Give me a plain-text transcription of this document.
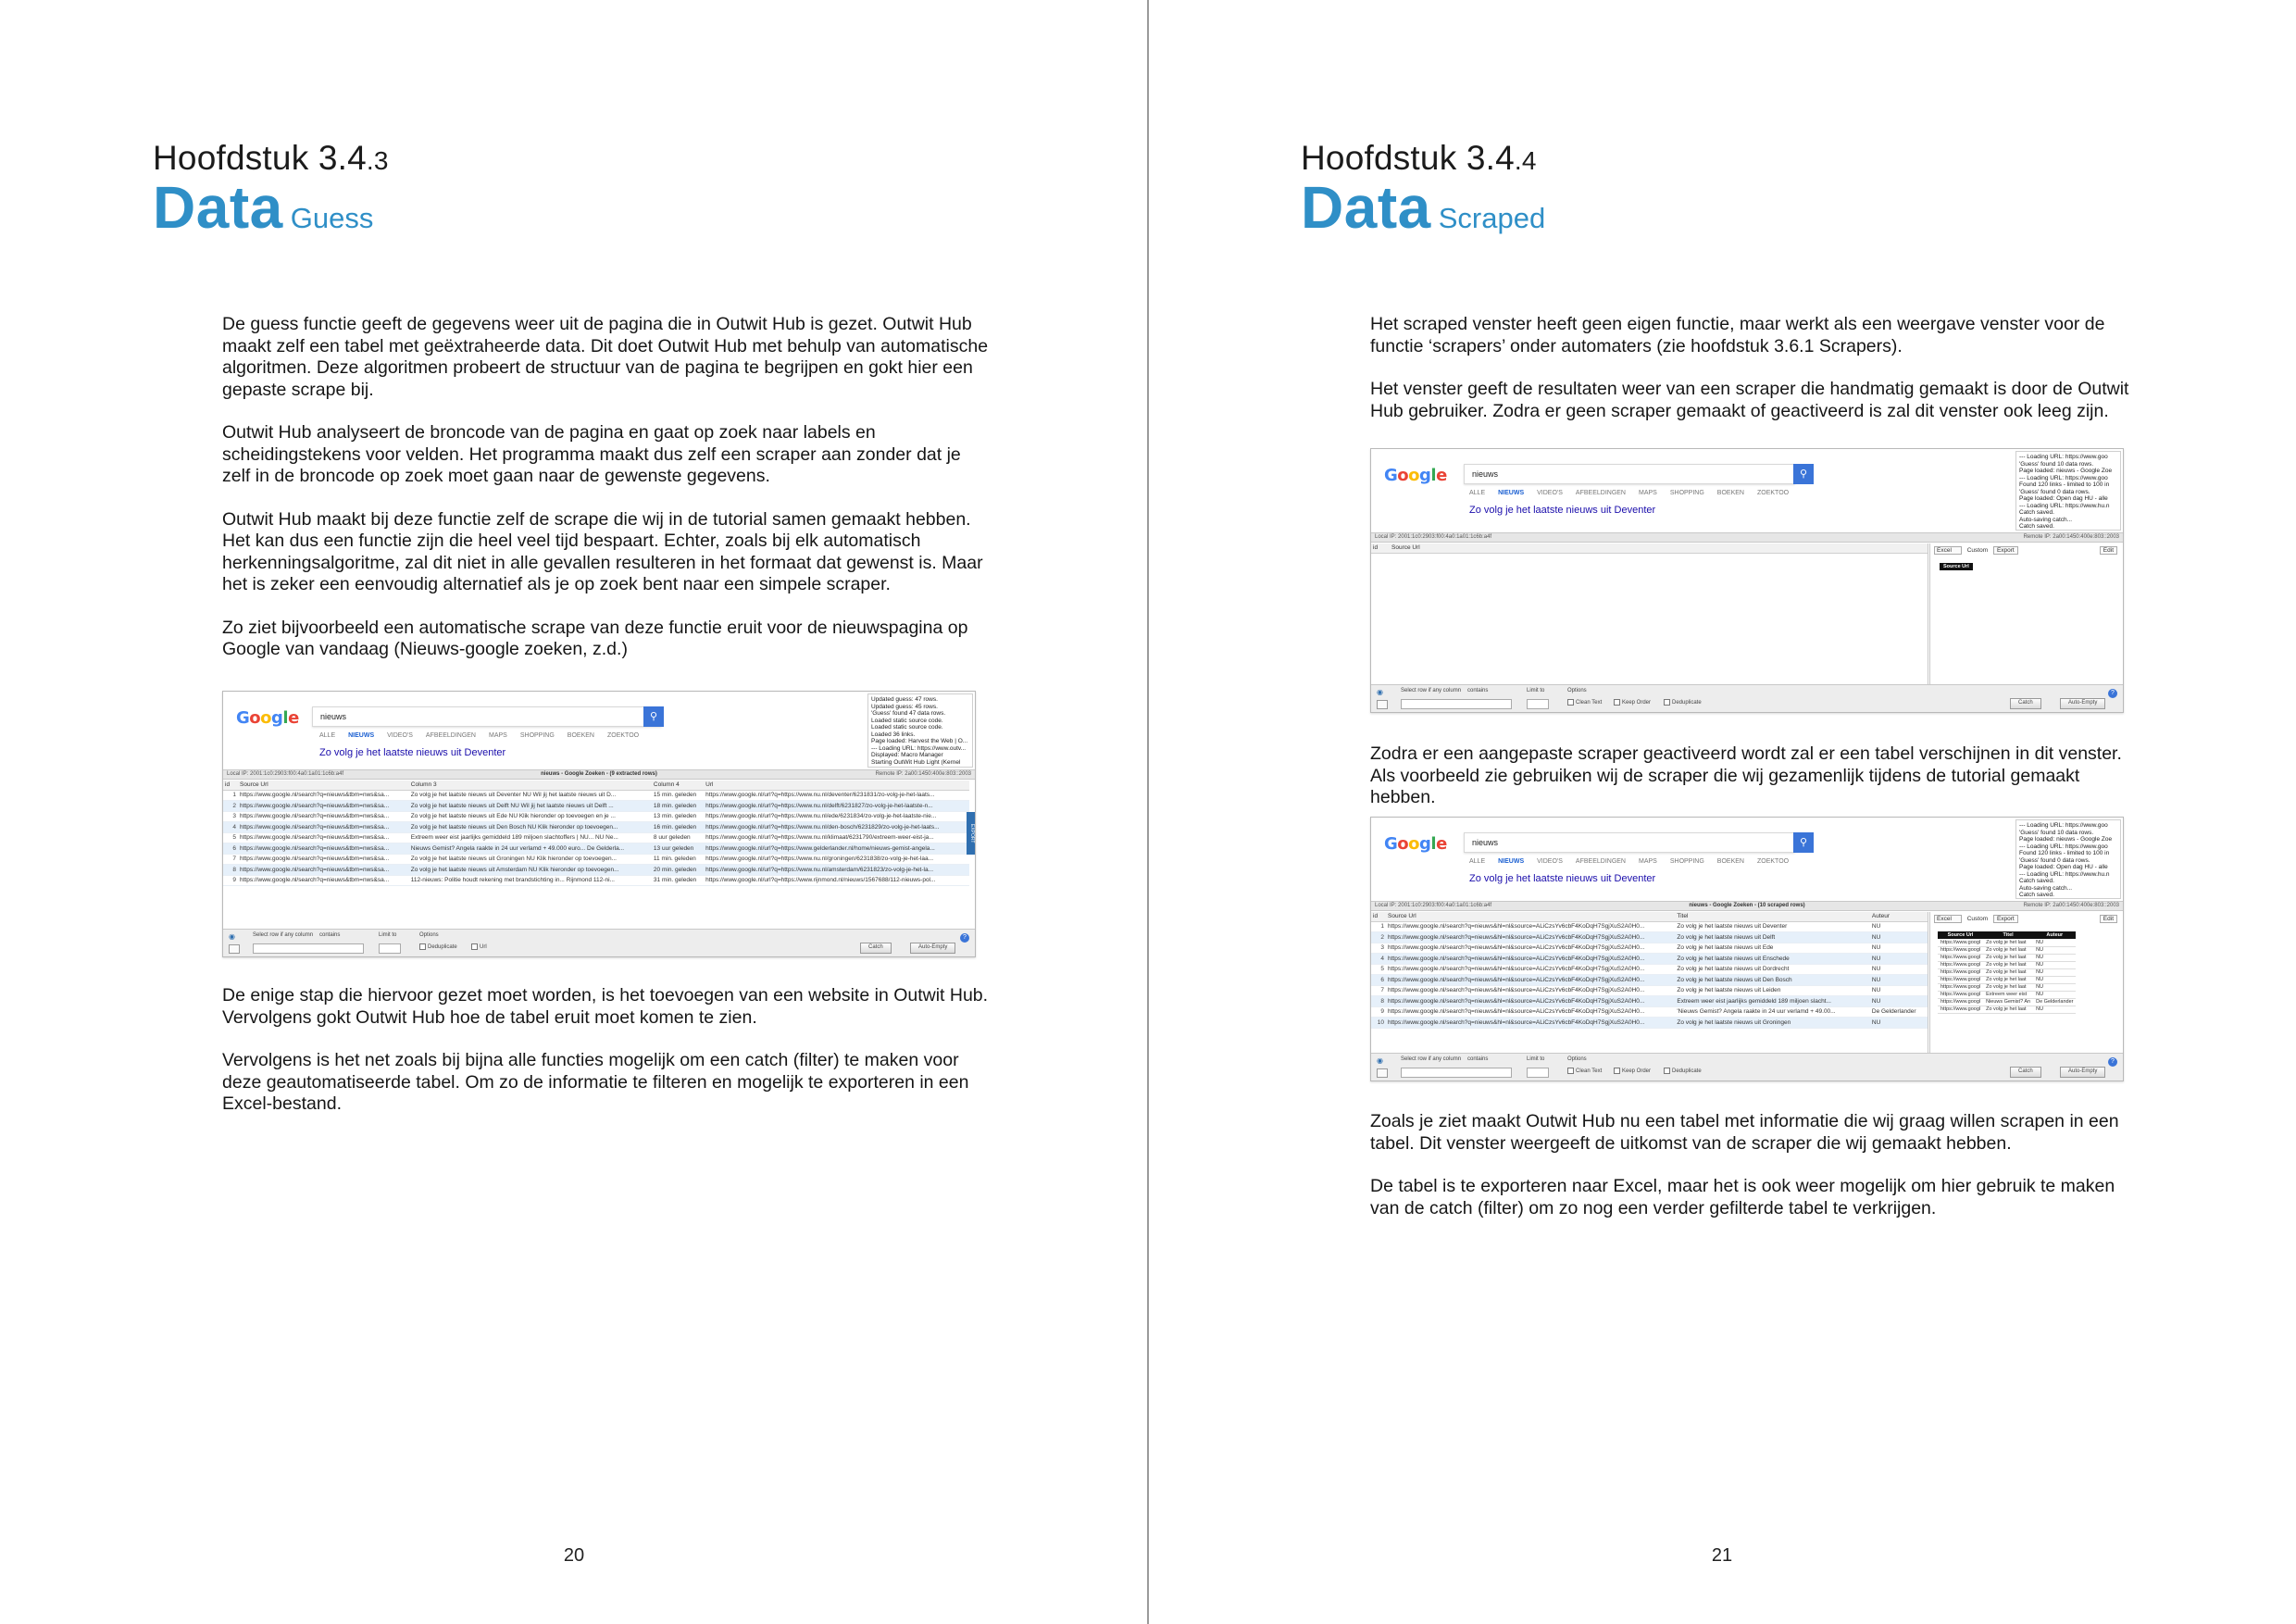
Hoofdstuk 3.4.3
Data Guess

De guess functie geeft de gegevens weer uit de pagina die in Outwit Hub is gezet. Outwit Hub maakt zelf een tabel met geëxtraheerde data. Dit doet Outwit Hub met behulp van automatische algoritmen. Deze algoritmen probeert de structuur van de pagina te begrijpen en gokt hier een gepaste scrape bij.

Outwit Hub analyseert de broncode van de pagina en gaat op zoek naar labels en scheidingstekens voor velden. Het programma maakt dus zelf een scraper aan zonder dat je zelf in de broncode op zoek moet gaan naar de gewenste gegevens.

Outwit Hub maakt bij deze functie zelf de scrape die wij in de tutorial samen gemaakt hebben. Het kan dus een functie zijn die heel veel tijd bespaart. Echter, zoals bij elk automatisch herkenningsalgoritme, zal dit niet in alle gevallen resulteren in het formaat dat gewenst is. Maar het is zeker een eenvoudig alternatief als je op zoek bent naar een simpele scraper.

Zo ziet bijvoorbeeld een automatische scrape van deze functie eruit voor de nieuwspagina op Google van vandaag (Nieuws-google zoeken, z.d.)

Google	nieuws	⚲
ALLE NIEUWS VIDEO'S AFBEELDINGEN MAPS SHOPPING BOEKEN ZOEKTOO
Zo volg je het laatste nieuws uit Deventer
Updated guess: 47 rows.
Updated guess: 45 rows.
'Guess' found 47 data rows.
Loaded static source code.
Loaded static source code.
Loaded 36 links.
Page loaded: Harvest the Web | O...
--- Loading URL: https://www.outv...
Displayed: Macro Manager
Starting OutWit Hub Light (Kernel
Local IP: 2001:1c0:2903:f00:4a0:1a01:1c6b:a4f	nieuws - Google Zoeken - (9 extracted rows)	Remote IP: 2a00:1450:400e:803::2003
id	Source Url	Column 3	Column 4	Url
1	https://www.google.nl/search?q=nieuws&tbm=nws&sa...	Zo volg je het laatste nieuws uit Deventer NU Wil jij het laatste nieuws uit D...	15 min. geleden	https://www.google.nl/url?q=https://www.nu.nl/deventer/6231831/zo-volg-je-het-laats...
2	https://www.google.nl/search?q=nieuws&tbm=nws&sa...	Zo volg je het laatste nieuws uit Delft NU Wil jij het laatste nieuws uit Delft ...	18 min. geleden	https://www.google.nl/url?q=https://www.nu.nl/delft/6231827/zo-volg-je-het-laatste-n...
3	https://www.google.nl/search?q=nieuws&tbm=nws&sa...	Zo volg je het laatste nieuws uit Ede NU Klik hieronder op toevoegen en je ...	13 min. geleden	https://www.google.nl/url?q=https://www.nu.nl/ede/6231834/zo-volg-je-het-laatste-nie...
4	https://www.google.nl/search?q=nieuws&tbm=nws&sa...	Zo volg je het laatste nieuws uit Den Bosch NU Klik hieronder op toevoegen...	16 min. geleden	https://www.google.nl/url?q=https://www.nu.nl/den-bosch/6231829/zo-volg-je-het-laats...
5	https://www.google.nl/search?q=nieuws&tbm=nws&sa...	Extreem weer eist jaarlijks gemiddeld 189 miljoen slachtoffers | NU... NU Ne...	8 uur geleden	https://www.google.nl/url?q=https://www.nu.nl/klimaat/6231790/extreem-weer-eist-ja...
6	https://www.google.nl/search?q=nieuws&tbm=nws&sa...	Nieuws Gemist? Angela raakte in 24 uur verlamd + 49.000 euro... De Gelderla...	13 uur geleden	https://www.google.nl/url?q=https://www.gelderlander.nl/home/nieuws-gemist-angela...
7	https://www.google.nl/search?q=nieuws&tbm=nws&sa...	Zo volg je het laatste nieuws uit Groningen NU Klik hieronder op toevoegen...	11 min. geleden	https://www.google.nl/url?q=https://www.nu.nl/groningen/6231838/zo-volg-je-het-laa...
8	https://www.google.nl/search?q=nieuws&tbm=nws&sa...	Zo volg je het laatste nieuws uit Amsterdam NU Klik hieronder op toevoegen...	20 min. geleden	https://www.google.nl/url?q=https://www.nu.nl/amsterdam/6231823/zo-volg-je-het-la...
9	https://www.google.nl/search?q=nieuws&tbm=nws&sa...	112-nieuws: Politie houdt rekening met brandstichting in... Rijnmond 112-ni...	31 min. geleden	https://www.google.nl/url?q=https://www.rijnmond.nl/nieuws/1567688/112-nieuws-pol...
EXPORT
◉	Select row if any column contains	Limit to	Options
Deduplicate	Url	Catch	Auto-Empty
?

De enige stap die hiervoor gezet moet worden, is het toevoegen van een website in Outwit Hub. Vervolgens gokt Outwit Hub hoe de tabel eruit moet komen te zien.

Vervolgens is het net zoals bij bijna alle functies mogelijk om een catch (filter) te maken voor deze geautomatiseerde tabel. Om zo de informatie te filteren en mogelijk te exporteren in een Excel-bestand.

20
Hoofdstuk 3.4.4
Data Scraped

Het scraped venster heeft geen eigen functie, maar werkt als een weergave venster voor de functie ‘scrapers’ onder automaters (zie hoofdstuk 3.6.1 Scrapers).

Het venster geeft de resultaten weer van een scraper die handmatig gemaakt is door de Outwit Hub gebruiker. Zodra er geen scraper gemaakt of geactiveerd is zal dit venster ook leeg zijn.

Google	nieuws	⚲
ALLE NIEUWS VIDEO'S AFBEELDINGEN MAPS SHOPPING BOEKEN ZOEKTOO
Zo volg je het laatste nieuws uit Deventer
--- Loading URL: https://www.goo
'Guess' found 10 data rows.
Page loaded: nieuws - Google Zoe
--- Loading URL: https://www.goo
Found 120 links - limited to 100 in
'Guess' found 0 data rows.
Page loaded: Open dag HU - alle
--- Loading URL: https://www.hu.n
Catch saved.
Auto-saving catch...
Catch saved.
Local IP: 2001:1c0:2903:f00:4a0:1a01:1c6b:a4f	Remote IP: 2a00:1450:400e:803::2003
id	Source Url	Excel	Custom Export	Edit
Source Url
◉	Select row if any column contains	Limit to	Options
Clean Text	Keep Order	Deduplicate	Catch	Auto-Empty
?

Zodra er een aangepaste scraper geactiveerd wordt zal er een tabel verschijnen in dit venster. Als voorbeeld zie gebruiken wij de scraper die wij gezamenlijk tijdens de tutorial gemaakt hebben.

Google	nieuws	⚲
ALLE NIEUWS VIDEO'S AFBEELDINGEN MAPS SHOPPING BOEKEN ZOEKTOO
Zo volg je het laatste nieuws uit Deventer
--- Loading URL: https://www.goo
'Guess' found 10 data rows.
Page loaded: nieuws - Google Zoe
--- Loading URL: https://www.goo
Found 120 links - limited to 100 in
'Guess' found 0 data rows.
Page loaded: Open dag HU - alle
--- Loading URL: https://www.hu.n
Catch saved.
Auto-saving catch...
Catch saved.
Local IP: 2001:1c0:2903:f00:4a0:1a01:1c6b:a4f	nieuws - Google Zoeken - (10 scraped rows)	Remote IP: 2a00:1450:400e:803::2003
id	Source Url	Titel	Auteur
1	https://www.google.nl/search?q=nieuws&hl=nl&source=ALiCzsYv6cbF4KoDqH7SgjXuS2A0H0...	Zo volg je het laatste nieuws uit Deventer	NU
2	https://www.google.nl/search?q=nieuws&hl=nl&source=ALiCzsYv6cbF4KoDqH7SgjXuS2A0H0...	Zo volg je het laatste nieuws uit Delft	NU
3	https://www.google.nl/search?q=nieuws&hl=nl&source=ALiCzsYv6cbF4KoDqH7SgjXuS2A0H0...	Zo volg je het laatste nieuws uit Ede	NU
4	https://www.google.nl/search?q=nieuws&hl=nl&source=ALiCzsYv6cbF4KoDqH7SgjXuS2A0H0...	Zo volg je het laatste nieuws uit Enschede	NU
5	https://www.google.nl/search?q=nieuws&hl=nl&source=ALiCzsYv6cbF4KoDqH7SgjXuS2A0H0...	Zo volg je het laatste nieuws uit Dordrecht	NU
6	https://www.google.nl/search?q=nieuws&hl=nl&source=ALiCzsYv6cbF4KoDqH7SgjXuS2A0H0...	Zo volg je het laatste nieuws uit Den Bosch	NU
7	https://www.google.nl/search?q=nieuws&hl=nl&source=ALiCzsYv6cbF4KoDqH7SgjXuS2A0H0...	Zo volg je het laatste nieuws uit Leiden	NU
8	https://www.google.nl/search?q=nieuws&hl=nl&source=ALiCzsYv6cbF4KoDqH7SgjXuS2A0H0...	Extreem weer eist jaarlijks gemiddeld 189 miljoen slacht...	NU
9	https://www.google.nl/search?q=nieuws&hl=nl&source=ALiCzsYv6cbF4KoDqH7SgjXuS2A0H0...	'Nieuws Gemist? Angela raakte in 24 uur verlamd + 49.00...	De Gelderlander
10	https://www.google.nl/search?q=nieuws&hl=nl&source=ALiCzsYv6cbF4KoDqH7SgjXuS2A0H0...	Zo volg je het laatste nieuws uit Groningen	NU
Excel	Custom Export	Edit
Source Url	Titel	Auteur
https://www.googl	Zo volg je het laat	NU
https://www.googl	Zo volg je het laat	NU
https://www.googl	Zo volg je het laat	NU
https://www.googl	Zo volg je het laat	NU
https://www.googl	Zo volg je het laat	NU
https://www.googl	Zo volg je het laat	NU
https://www.googl	Zo volg je het laat	NU
https://www.googl	Extreem weer eist	NU
https://www.googl	Nieuws Gemist? An	De Gelderlander
https://www.googl	Zo volg je het laat	NU
◉	Select row if any column contains	Limit to	Options
Clean Text	Keep Order	Deduplicate	Catch	Auto-Empty
?

Zoals je ziet maakt Outwit Hub nu een tabel met informatie die wij graag willen scrapen in een tabel. Dit venster weergeeft de uitkomst van de scraper die wij gemaakt hebben.

De tabel is te exporteren naar Excel, maar het is ook weer mogelijk om hier gebruik te maken van de catch (filter) om zo nog een verder gefilterde tabel te verkrijgen.

21
